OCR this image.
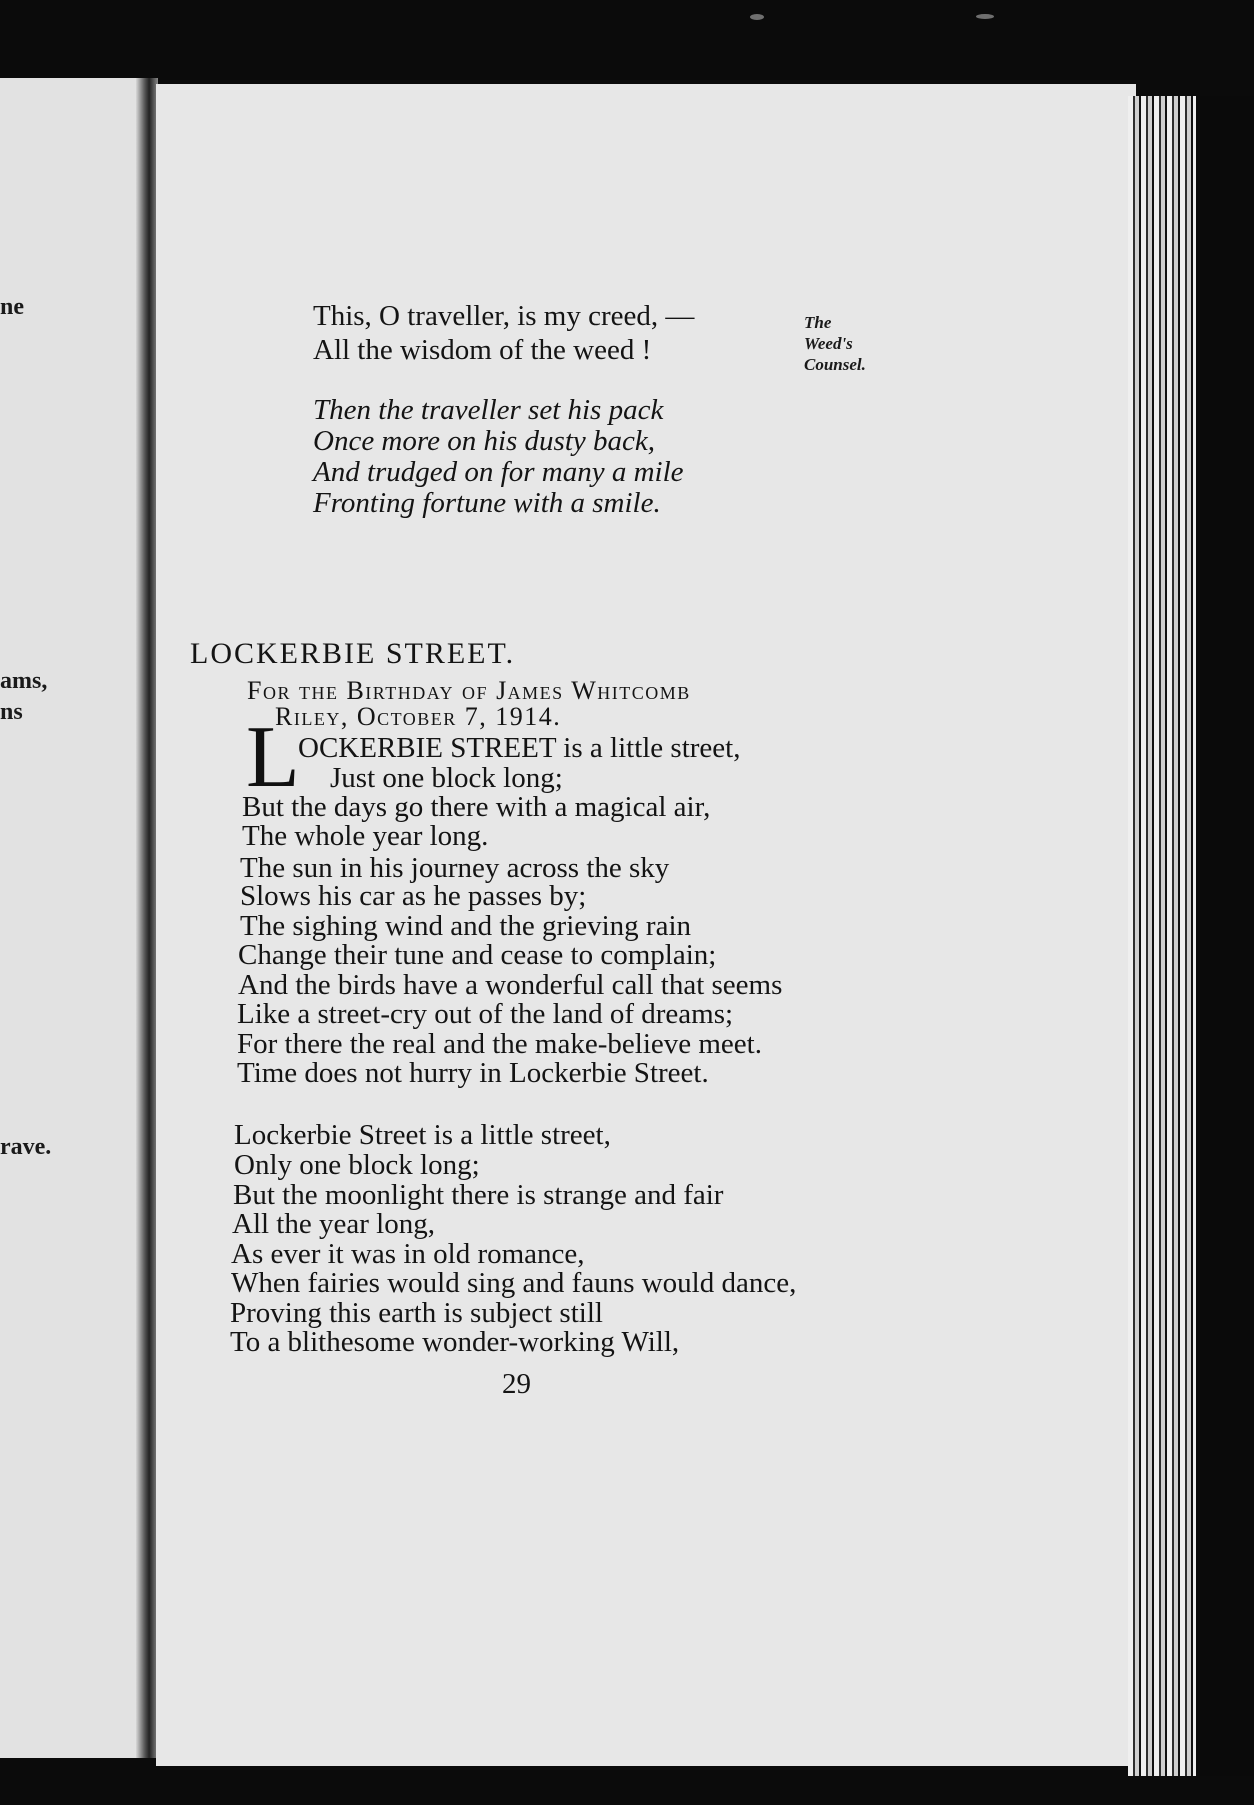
ne
ams,
ns
rave.
This, O traveller, is my creed, —
All the wisdom of the weed !
The
Weed's
Counsel.
Then the traveller set his pack
Once more on his dusty back,
And trudged on for many a mile
Fronting fortune with a smile.
LOCKERBIE STREET.
For the Birthday of James Whitcomb
Riley, October 7, 1914.
L
OCKERBIE STREET is a little street,
Just one block long;
But the days go there with a magical air,
The whole year long.
The sun in his journey across the sky
Slows his car as he passes by;
The sighing wind and the grieving rain
Change their tune and cease to complain;
And the birds have a wonderful call that seems
Like a street-cry out of the land of dreams;
For there the real and the make-believe meet.
Time does not hurry in Lockerbie Street.
Lockerbie Street is a little street,
Only one block long;
But the moonlight there is strange and fair
All the year long,
As ever it was in old romance,
When fairies would sing and fauns would dance,
Proving this earth is subject still
To a blithesome wonder-working Will,
29
